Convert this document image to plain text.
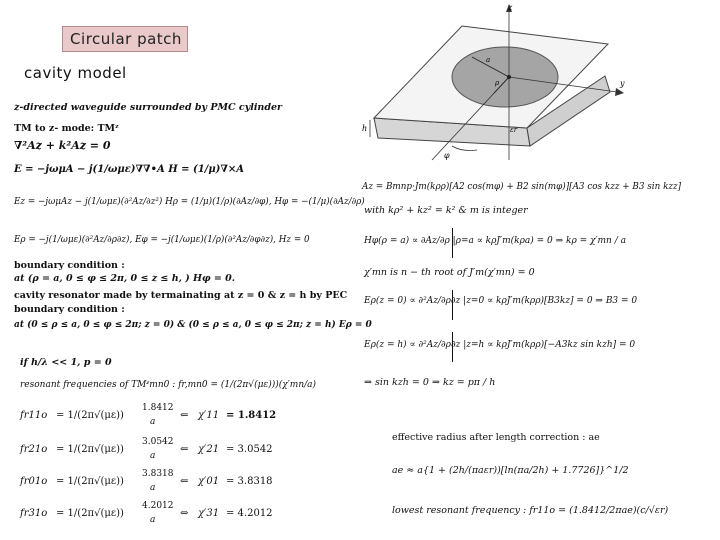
Circular patch
cavity model
z
y
φ
a
ρ
h	εr
z-directed waveguide surrounded by PMC cylinder
TM to z- mode: TMᶻ
∇²Az + k²Az = 0
E = −jωμA − j(1/ωμε)∇∇•A H = (1/μ)∇×A
Ez = −jωμAz − j(1/ωμε)(∂²Az/∂z²) Hρ = (1/μ)(1/ρ)(∂Az/∂φ), Hφ = −(1/μ)(∂Az/∂ρ)
Eρ = −j(1/ωμε)(∂²Az/∂ρ∂z), Eφ = −j(1/ωμε)(1/ρ)(∂²Az/∂φ∂z), Hz = 0
boundary condition :
at (ρ = a, 0 ≤ φ ≤ 2π, 0 ≤ z ≤ h, ) Hφ = 0.
cavity resonator made by termainating at z = 0 & z = h by PEC
boundary condition :
at (0 ≤ ρ ≤ a, 0 ≤ φ ≤ 2π; z = 0) & (0 ≤ ρ ≤ a, 0 ≤ φ ≤ 2π; z = h) Eρ = 0
if h/λ << 1, p = 0
resonant frequencies of TMᶻmn0 : fr,mn0 = (1/(2π√(με)))(χ′mn/a)
fr11o = 1/(2π√(με))
1.8412
a
⇐ χ′11 = 1.8412
fr21o = 1/(2π√(με))
3.0542
a
⇐ χ′21 = 3.0542
fr01o = 1/(2π√(με))
3.8318
a
⇐ χ′01 = 3.8318
fr31o = 1/(2π√(με))
4.2012
a
⇔ χ′31 = 4.2012
Az = Bmnp·Jm(kρρ)[A2 cos(mφ) + B2 sin(mφ)][A3 cos kzz + B3 sin kzz]
with kρ² + kz² = k² & m is integer
Hφ(ρ = a) ∝ ∂Az/∂ρ |ρ=a ∝ kρJ′m(kρa) = 0 ⇒ kρ = χ′mn / a
χ′mn is n − th root of J′m(χ′mn) = 0
Eρ(z = 0) ∝ ∂²Az/∂ρ∂z |z=0 ∝ kρJ′m(kρρ)[B3kz] = 0 ⇒ B3 = 0
Eρ(z = h) ∝ ∂²Az/∂ρ∂z |z=h ∝ kρJ′m(kρρ)[−A3kz sin kzh] = 0
⇒ sin kzh = 0 ⇒ kz = pπ / h
effective radius after length correction : ae
ae ≈ a{1 + (2h/(πaεr))[ln(πa/2h) + 1.7726]}^1/2
lowest resonant frequency : fr11o = (1.8412/2πae)(c/√εr)
